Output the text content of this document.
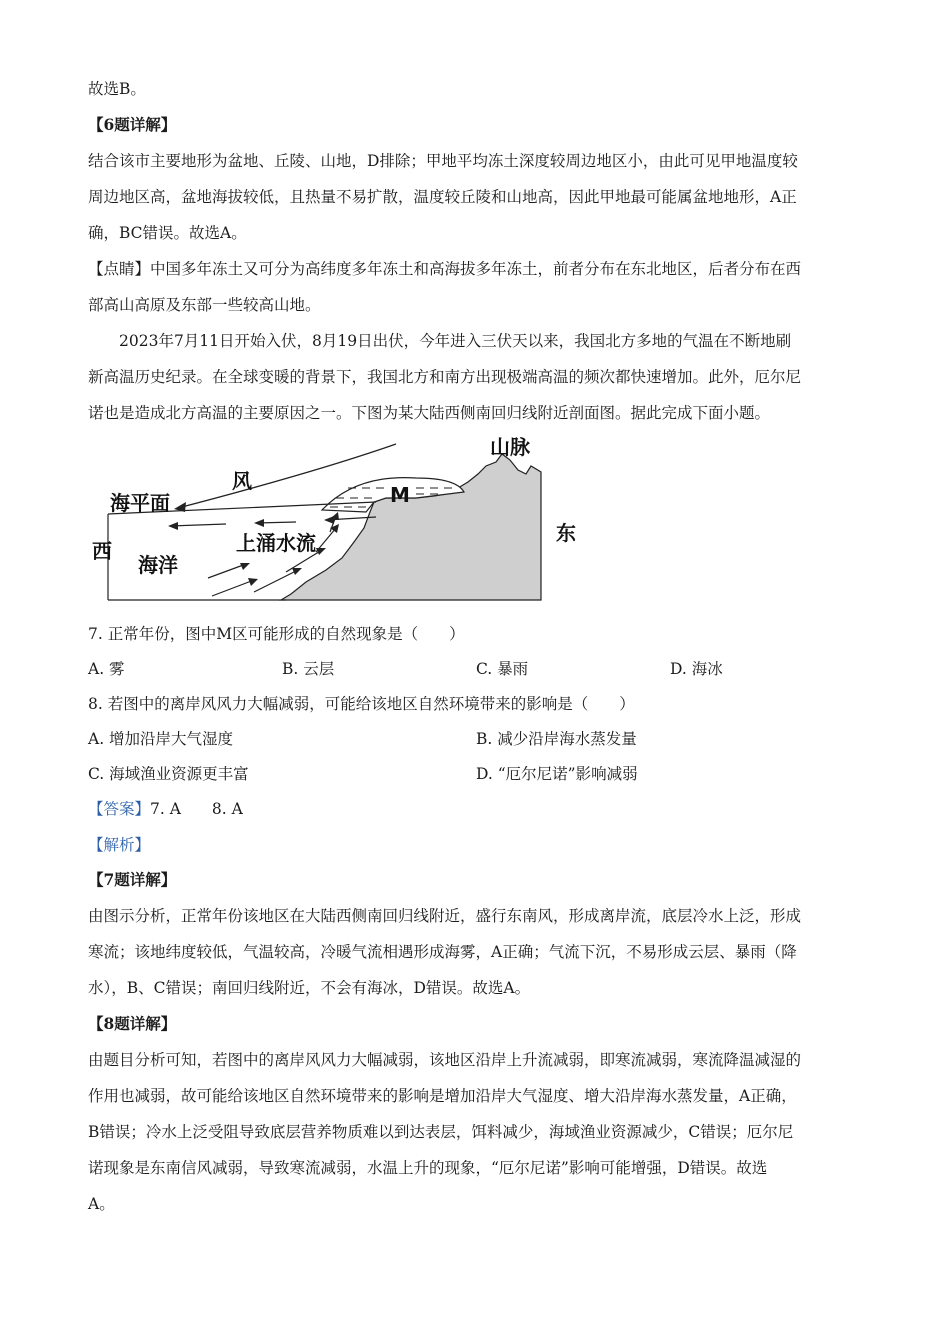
故选B。
【6题详解】
结合该市主要地形为盆地、丘陵、山地，D排除；甲地平均冻土深度较周边地区小，由此可见甲地温度较
周边地区高，盆地海拔较低，且热量不易扩散，温度较丘陵和山地高，因此甲地最可能属盆地地形，A正
确，BC错误。故选A。
【点睛】中国多年冻土又可分为高纬度多年冻土和高海拔多年冻土，前者分布在东北地区，后者分布在西
部高山高原及东部一些较高山地。
2023年7月11日开始入伏，8月19日出伏，今年进入三伏天以来，我国北方多地的气温在不断地刷
新高温历史纪录。在全球变暖的背景下，我国北方和南方出现极端高温的频次都快速增加。此外，厄尔尼
诺也是造成北方高温的主要原因之一。下图为某大陆西侧南回归线附近剖面图。据此完成下面小题。
山脉
风
海平面	M
西
东
海洋
上涌水流
7. 正常年份，图中M区可能形成的自然现象是（　　）
A. 雾	B. 云层	C. 暴雨	D. 海冰
8. 若图中的离岸风风力大幅减弱，可能给该地区自然环境带来的影响是（　　）
A. 增加沿岸大气湿度	B. 减少沿岸海水蒸发量
C. 海域渔业资源更丰富	D. “厄尔尼诺”影响减弱
【答案】7. A　　8. A
【解析】
【7题详解】
由图示分析，正常年份该地区在大陆西侧南回归线附近，盛行东南风，形成离岸流，底层冷水上泛，形成
寒流；该地纬度较低，气温较高，冷暖气流相遇形成海雾，A正确；气流下沉，不易形成云层、暴雨（降
水），B、C错误；南回归线附近，不会有海冰，D错误。故选A。
【8题详解】
由题目分析可知，若图中的离岸风风力大幅减弱，该地区沿岸上升流减弱，即寒流减弱，寒流降温减湿的
作用也减弱，故可能给该地区自然环境带来的影响是增加沿岸大气湿度、增大沿岸海水蒸发量，A正确，
B错误；冷水上泛受阻导致底层营养物质难以到达表层，饵料减少，海域渔业资源减少，C错误；厄尔尼
诺现象是东南信风减弱，导致寒流减弱，水温上升的现象，“厄尔尼诺”影响可能增强，D错误。故选
A。
